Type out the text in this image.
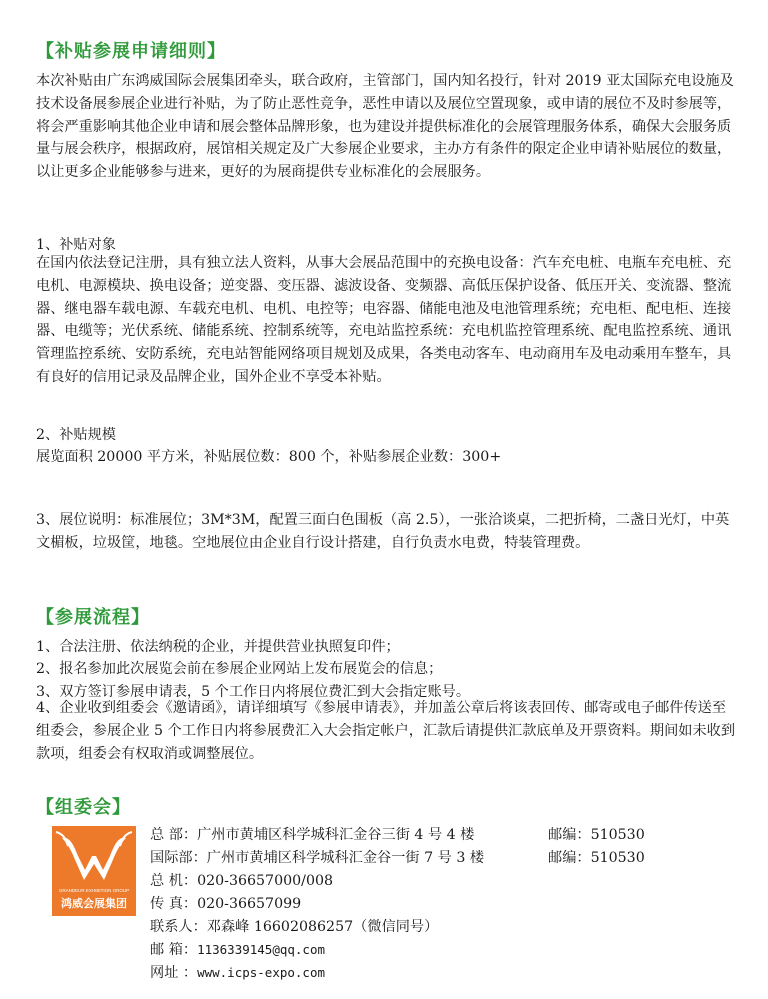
【补贴参展申请细则】

本次补贴由广东鸿威国际会展集团牵头，联合政府，主管部门，国内知名投行，针对 2019 亚太国际充电设施及技术设备展参展企业进行补贴，为了防止恶性竞争，恶性申请以及展位空置现象，或申请的展位不及时参展等，将会严重影响其他企业申请和展会整体品牌形象，也为建设并提供标准化的会展管理服务体系，确保大会服务质量与展会秩序，根据政府，展馆相关规定及广大参展企业要求，主办方有条件的限定企业申请补贴展位的数量，以让更多企业能够参与进来，更好的为展商提供专业标准化的会展服务。

1、补贴对象

在国内依法登记注册，具有独立法人资料，从事大会展品范围中的充换电设备：汽车充电桩、电瓶车充电桩、充电机、电源模块、换电设备；逆变器、变压器、滤波设备、变频器、高低压保护设备、低压开关、变流器、整流器、继电器车载电源、车载充电机、电机、电控等；电容器、储能电池及电池管理系统；充电柜、配电柜、连接器、电缆等；光伏系统、储能系统、控制系统等，充电站监控系统：充电机监控管理系统、配电监控系统、通讯管理监控系统、安防系统，充电站智能网络项目规划及成果，各类电动客车、电动商用车及电动乘用车整车，具有良好的信用记录及品牌企业，国外企业不享受本补贴。

2、补贴规模
展览面积 20000 平方米，补贴展位数：800 个，补贴参展企业数：300+

3、展位说明：标准展位；3M*3M，配置三面白色围板（高 2.5），一张洽谈桌，二把折椅，二盏日光灯，中英文楣板，垃圾筐，地毯。空地展位由企业自行设计搭建，自行负责水电费，特装管理费。

【参展流程】
1、合法注册、依法纳税的企业，并提供营业执照复印件；
2、报名参加此次展览会前在参展企业网站上发布展览会的信息；
3、双方签订参展申请表，5 个工作日内将展位费汇到大会指定账号。

4、企业收到组委会《邀请函》，请详细填写《参展申请表》，并加盖公章后将该表回传、邮寄或电子邮件传送至组委会，参展企业 5 个工作日内将参展费汇入大会指定帐户，汇款后请提供汇款底单及开票资料。期间如未收到款项，组委会有权取消或调整展位。

【组委会】
GRANDEUR EXHIBITION GROUP
鸿威会展集团
总 部：广州市黄埔区科学城科汇金谷三街 4 号 4 楼	邮编：510530
国际部：广州市黄埔区科学城科汇金谷一街 7 号 3 楼	邮编：510530
总 机：020-36657000/008
传 真：020-36657099
联系人：邓森峰 16602086257（微信同号）
邮 箱：1136339145@qq.com
网址 ：www.icps-expo.com
